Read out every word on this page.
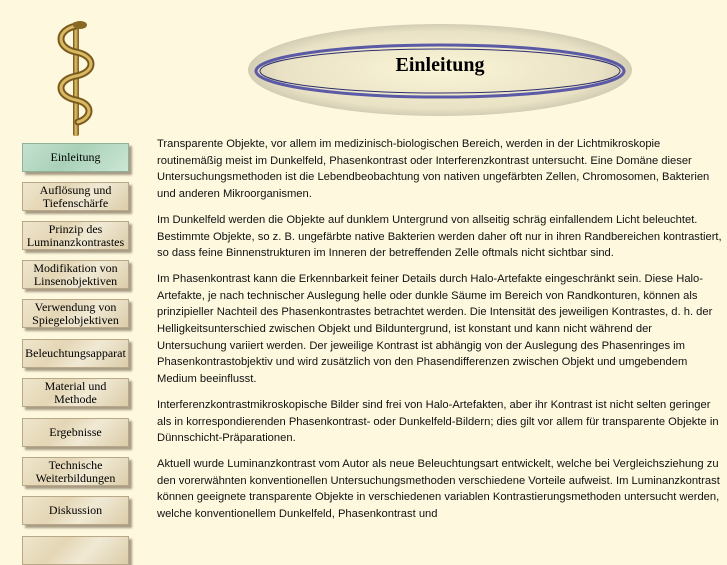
Einleitung
Einleitung
Auflösung und
Tiefenschärfe
Prinzip des
Luminanzkontrastes
Modifikation von
Linsenobjektiven
Verwendung von
Spiegelobjektiven
Beleuchtungsapparat
Material und
Methode
Ergebnisse
Technische
Weiterbildungen
Diskussion

Transparente Objekte, vor allem im medizinisch-biologischen Bereich, werden in der Lichtmikroskopie routinemäßig meist im Dunkelfeld, Phasenkontrast oder Interferenzkontrast untersucht. Eine Domäne dieser Untersuchungsmethoden ist die Lebendbeobachtung von nativen ungefärbten Zellen, Chromosomen, Bakterien und anderen Mikroorganismen.

Im Dunkelfeld werden die Objekte auf dunklem Untergrund von allseitig schräg einfallendem Licht beleuchtet. Bestimmte Objekte, so z. B. ungefärbte native Bakterien werden daher oft nur in ihren Randbereichen kontrastiert, so dass feine Binnenstrukturen im Inneren der betreffenden Zelle oftmals nicht sichtbar sind.

Im Phasenkontrast kann die Erkennbarkeit feiner Details durch Halo-Artefakte eingeschränkt sein. Diese Halo-Artefakte, je nach technischer Auslegung helle oder dunkle Säume im Bereich von Randkonturen, können als prinzipieller Nachteil des Phasenkontrastes betrachtet werden. Die Intensität des jeweiligen Kontrastes, d. h. der Helligkeitsunterschied zwischen Objekt und Bilduntergrund, ist konstant und kann nicht während der Untersuchung variiert werden. Der jeweilige Kontrast ist abhängig von der Auslegung des Phasenringes im Phasenkontrastobjektiv und wird zusätzlich von den Phasendifferenzen zwischen Objekt und umgebendem Medium beeinflusst.

Interferenzkontrastmikroskopische Bilder sind frei von Halo-Artefakten, aber ihr Kontrast ist nicht selten geringer als in korrespondierenden Phasenkontrast- oder Dunkelfeld-Bildern; dies gilt vor allem für transparente Objekte in Dünnschicht-Präparationen.

Aktuell wurde Luminanzkontrast vom Autor als neue Beleuchtungsart entwickelt, welche bei Vergleichsziehung zu den vorerwähnten konventionellen Untersuchungsmethoden verschiedene Vorteile aufweist. Im Luminanzkontrast können geeignete transparente Objekte in verschiedenen variablen Kontrastierungsmethoden untersucht werden, welche konventionellem Dunkelfeld, Phasenkontrast und
